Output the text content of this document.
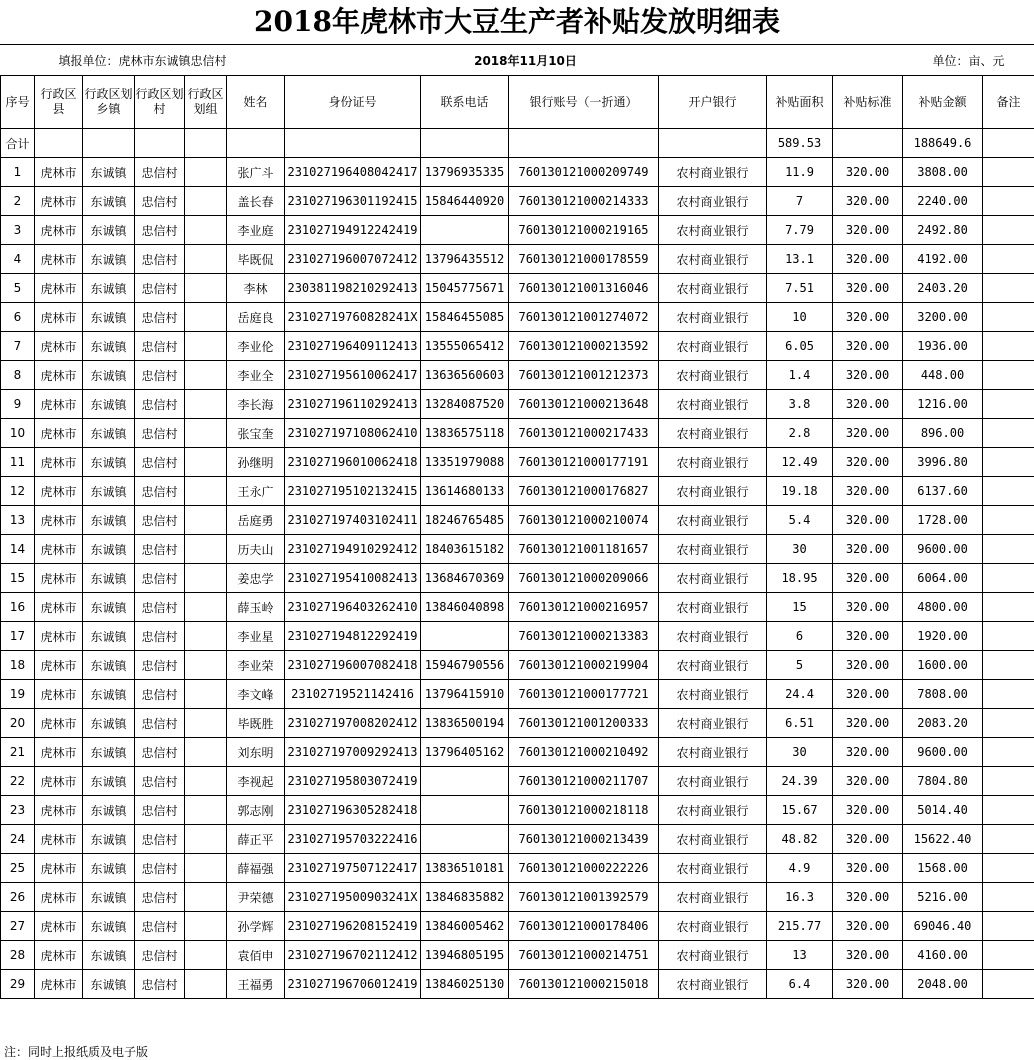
2018年虎林市大豆生产者补贴发放明细表
填报单位：虎林市东诚镇忠信村						2018年11月10日						单位：亩、元	
序号	行政区县	行政区划乡镇	行政区划村	行政区划组	姓名	身份证号	联系电话	银行账号（一折通）	开户银行	补贴面积	补贴标准	补贴金额	备注
合计										589.53		188649.6	
1	虎林市	东诚镇	忠信村		张广斗	231027196408042417	13796935335	760130121000209749	农村商业银行	11.9	320.00	3808.00	
2	虎林市	东诚镇	忠信村		盖长春	231027196301192415	15846440920	760130121000214333	农村商业银行	7	320.00	2240.00	
3	虎林市	东诚镇	忠信村		李业庭	231027194912242419		760130121000219165	农村商业银行	7.79	320.00	2492.80	
4	虎林市	东诚镇	忠信村		毕既侃	231027196007072412	13796435512	760130121000178559	农村商业银行	13.1	320.00	4192.00	
5	虎林市	东诚镇	忠信村		李林	230381198210292413	15045775671	760130121001316046	农村商业银行	7.51	320.00	2403.20	
6	虎林市	东诚镇	忠信村		岳庭良	23102719760828241X	15846455085	760130121001274072	农村商业银行	10	320.00	3200.00	
7	虎林市	东诚镇	忠信村		李业伦	231027196409112413	13555065412	760130121000213592	农村商业银行	6.05	320.00	1936.00	
8	虎林市	东诚镇	忠信村		李业全	231027195610062417	13636560603	760130121001212373	农村商业银行	1.4	320.00	448.00	
9	虎林市	东诚镇	忠信村		李长海	231027196110292413	13284087520	760130121000213648	农村商业银行	3.8	320.00	1216.00	
10	虎林市	东诚镇	忠信村		张宝奎	231027197108062410	13836575118	760130121000217433	农村商业银行	2.8	320.00	896.00	
11	虎林市	东诚镇	忠信村		孙继明	231027196010062418	13351979088	760130121000177191	农村商业银行	12.49	320.00	3996.80	
12	虎林市	东诚镇	忠信村		王永广	231027195102132415	13614680133	760130121000176827	农村商业银行	19.18	320.00	6137.60	
13	虎林市	东诚镇	忠信村		岳庭勇	231027197403102411	18246765485	760130121000210074	农村商业银行	5.4	320.00	1728.00	
14	虎林市	东诚镇	忠信村		历夫山	231027194910292412	18403615182	760130121001181657	农村商业银行	30	320.00	9600.00	
15	虎林市	东诚镇	忠信村		姜忠学	231027195410082413	13684670369	760130121000209066	农村商业银行	18.95	320.00	6064.00	
16	虎林市	东诚镇	忠信村		薛玉岭	231027196403262410	13846040898	760130121000216957	农村商业银行	15	320.00	4800.00	
17	虎林市	东诚镇	忠信村		李业星	231027194812292419		760130121000213383	农村商业银行	6	320.00	1920.00	
18	虎林市	东诚镇	忠信村		李业荣	231027196007082418	15946790556	760130121000219904	农村商业银行	5	320.00	1600.00	
19	虎林市	东诚镇	忠信村		李文峰	23102719521142416	13796415910	760130121000177721	农村商业银行	24.4	320.00	7808.00	
20	虎林市	东诚镇	忠信村		毕既胜	231027197008202412	13836500194	760130121001200333	农村商业银行	6.51	320.00	2083.20	
21	虎林市	东诚镇	忠信村		刘东明	231027197009292413	13796405162	760130121000210492	农村商业银行	30	320.00	9600.00	
22	虎林市	东诚镇	忠信村		李视起	231027195803072419		760130121000211707	农村商业银行	24.39	320.00	7804.80	
23	虎林市	东诚镇	忠信村		郭志刚	231027196305282418		760130121000218118	农村商业银行	15.67	320.00	5014.40	
24	虎林市	东诚镇	忠信村		薛正平	231027195703222416		760130121000213439	农村商业银行	48.82	320.00	15622.40	
25	虎林市	东诚镇	忠信村		薛福强	231027197507122417	13836510181	760130121000222226	农村商业银行	4.9	320.00	1568.00	
26	虎林市	东诚镇	忠信村		尹荣德	23102719500903241X	13846835882	760130121001392579	农村商业银行	16.3	320.00	5216.00	
27	虎林市	东诚镇	忠信村		孙学辉	231027196208152419	13846005462	760130121000178406	农村商业银行	215.77	320.00	69046.40	
28	虎林市	东诚镇	忠信村		袁佰申	231027196702112412	13946805195	760130121000214751	农村商业银行	13	320.00	4160.00	
29	虎林市	东诚镇	忠信村		王福勇	231027196706012419	13846025130	760130121000215018	农村商业银行	6.4	320.00	2048.00	
注：同时上报纸质及电子版
